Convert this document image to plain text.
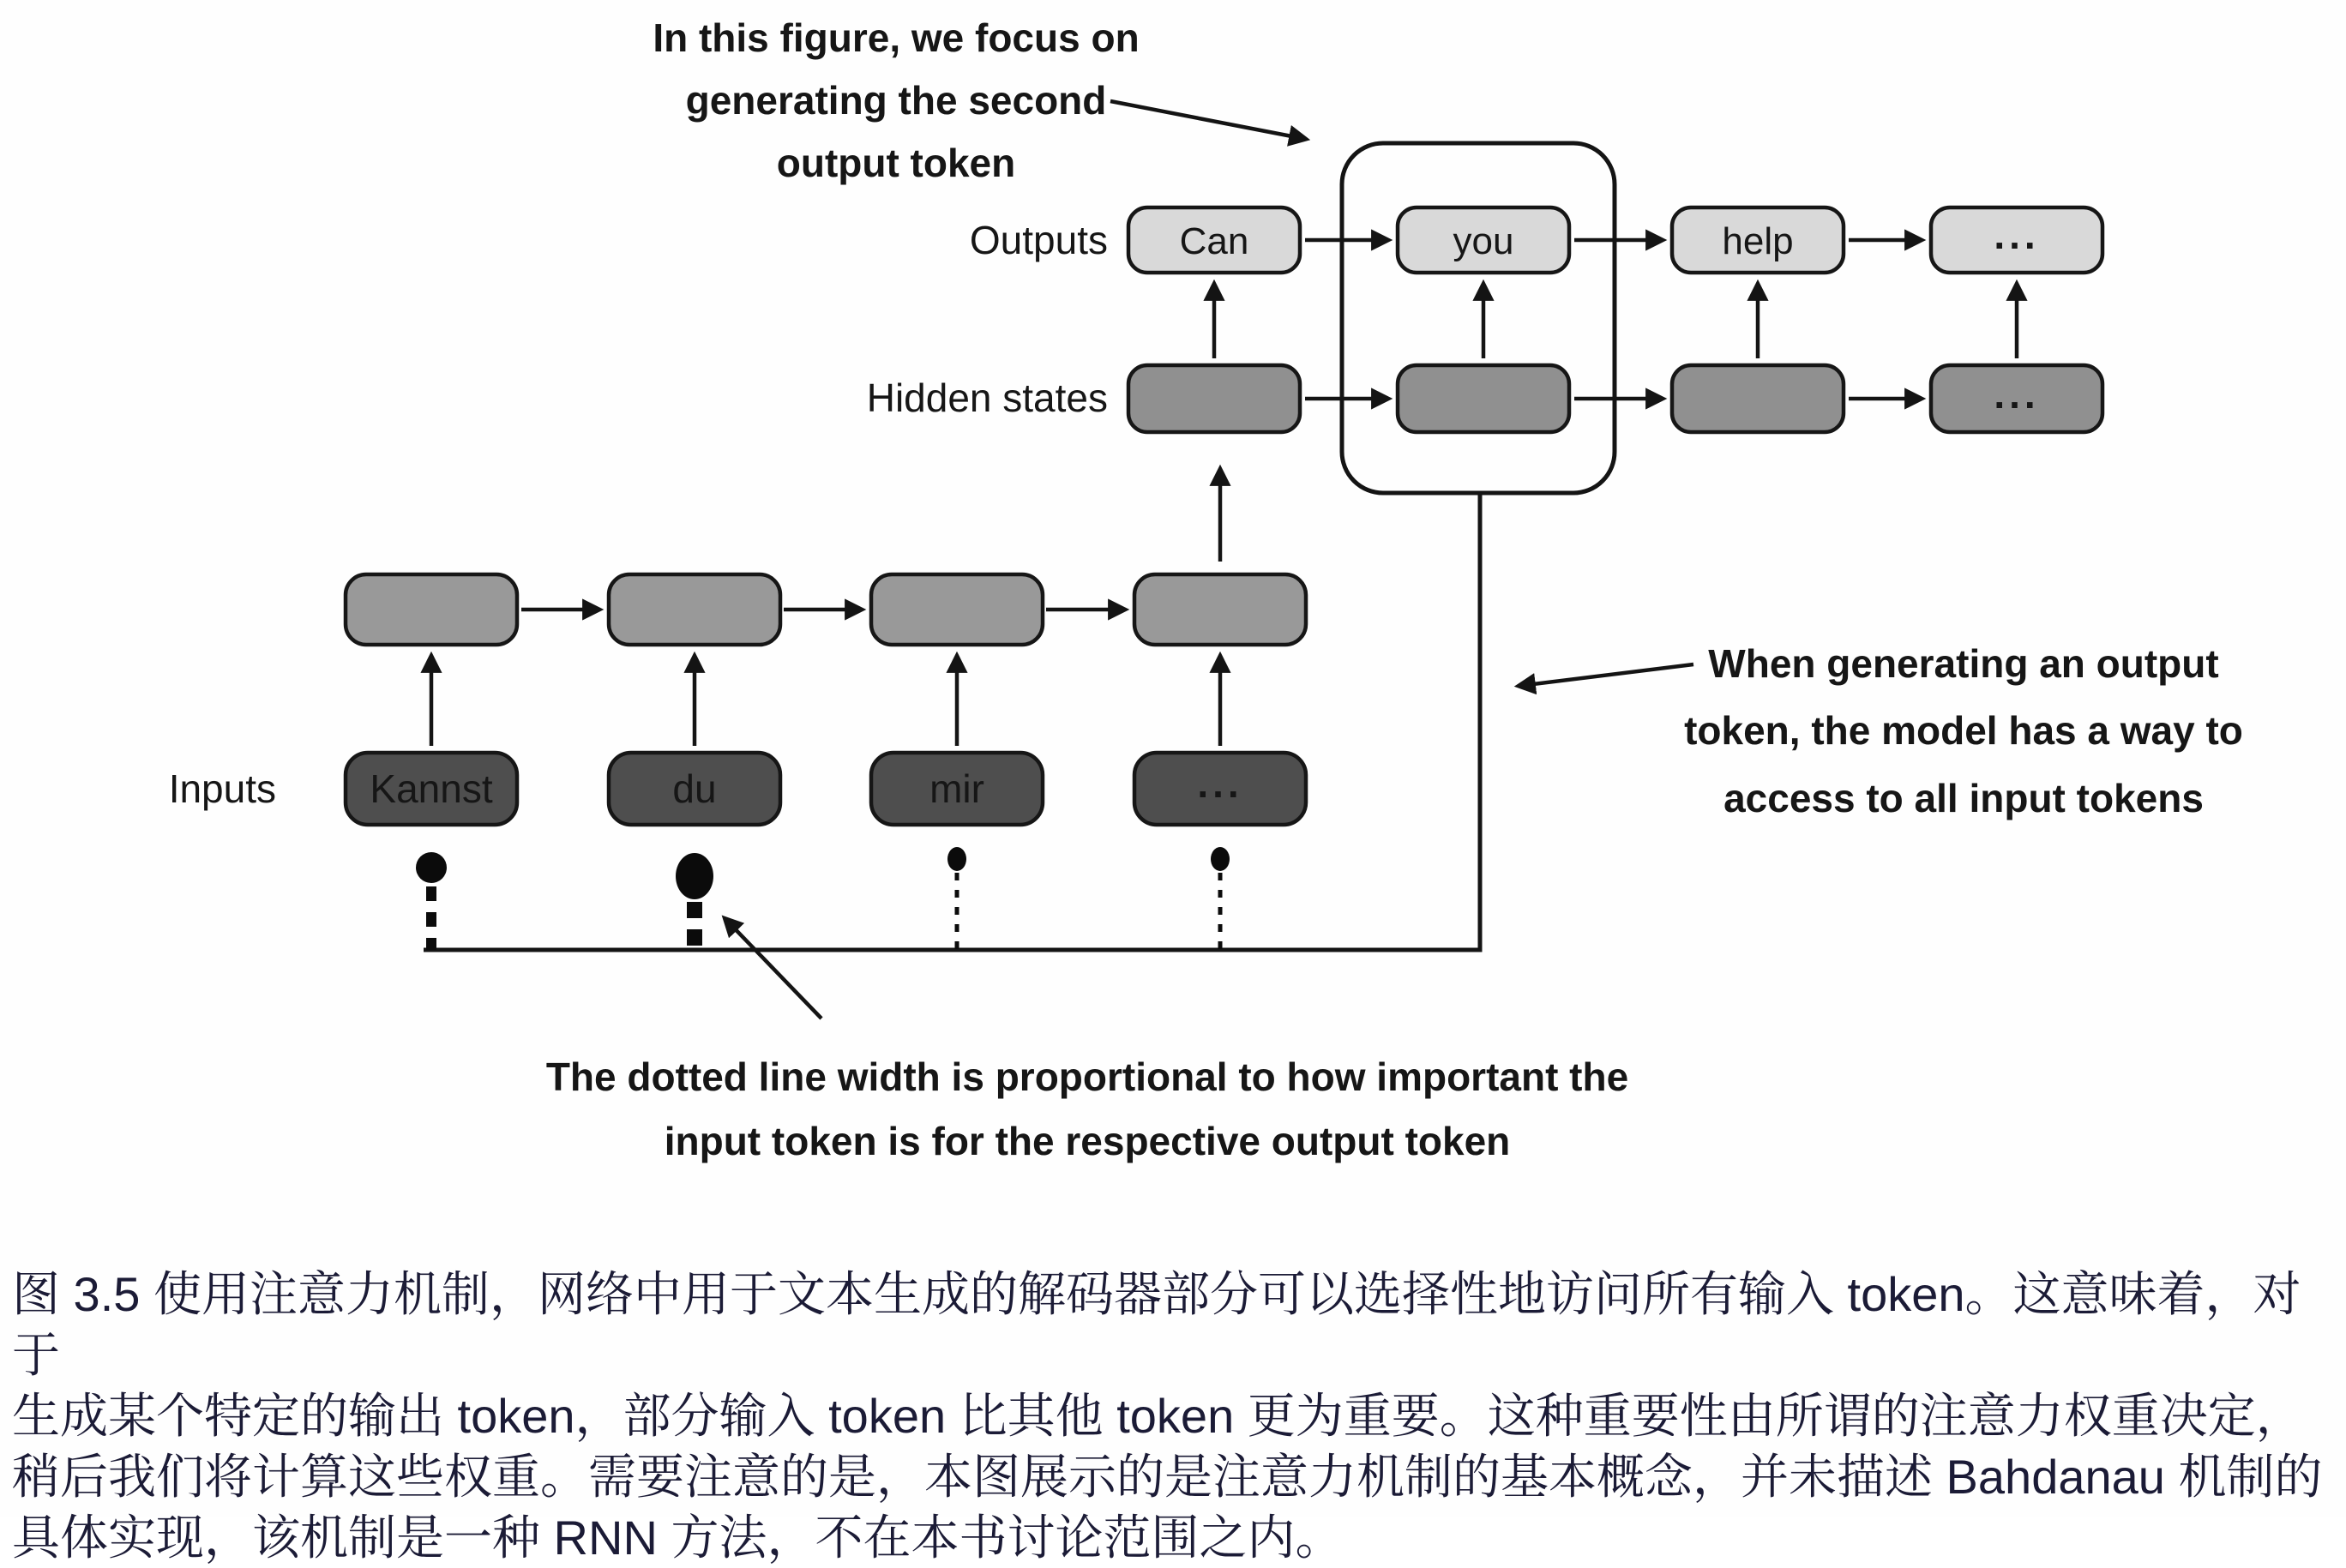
In this figure, we focus on
generating the second
output token
Outputs
Hidden states
Inputs
Can	you	help	...
...
Kannst	du	mir	...
When generating an output
token, the model has a way to
access to all input tokens
The dotted line width is proportional to how important the
input token is for the respective output token
图 3.5 使用注意力机制，网络中用于文本生成的解码器部分可以选择性地访问所有输入 token。这意味着，对于
生成某个特定的输出 token，部分输入 token 比其他 token 更为重要。这种重要性由所谓的注意力权重决定，
稍后我们将计算这些权重。需要注意的是，本图展示的是注意力机制的基本概念，并未描述 Bahdanau 机制的
具体实现，该机制是一种 RNN 方法，不在本书讨论范围之内。
